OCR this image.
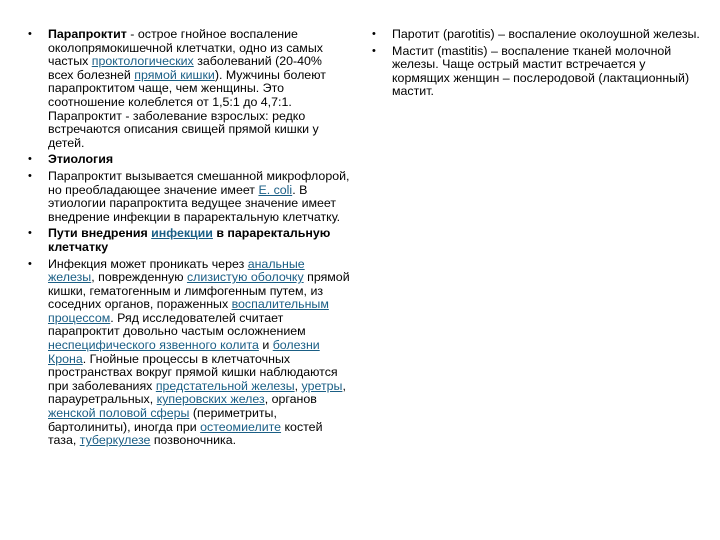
• Парапроктит - острое гнойное воспаление околопрямокишечной клетчатки, одно из самых частых проктологических заболеваний (20-40% всех болезней прямой кишки). Мужчины болеют парапроктитом чаще, чем женщины. Это соотношение колеблется от 1,5:1 до 4,7:1. Парапроктит - заболевание взрослых: редко встречаются описания свищей прямой кишки у детей.
• Этиология
• Парапроктит вызывается смешанной микрофлорой, но преобладающее значение имеет E. coli. В этиологии парапроктита ведущее значение имеет внедрение инфекции в параректальную клетчатку.
• Пути внедрения инфекции в параректальную клетчатку
• Инфекция может проникать через анальные железы, поврежденную слизистую оболочку прямой кишки, гематогенным и лимфогенным путем, из соседних органов, пораженных воспалительным процессом. Ряд исследователей считает парапроктит довольно частым осложнением неспецифического язвенного колита и болезни Крона. Гнойные процессы в клетчаточных пространствах вокруг прямой кишки наблюдаются при заболеваниях предстательной железы, уретры, парауретральных, куперовских желез, органов женской половой сферы (периметриты, бартолиниты), иногда при остеомиелите костей таза, туберкулезе позвоночника.
• Паротит (parotitis) – воспаление околоушной железы.
• Мастит (mastitis) – воспаление тканей молочной железы. Чаще острый мастит встречается у кормящих женщин – послеродовой (лактационный) мастит.
